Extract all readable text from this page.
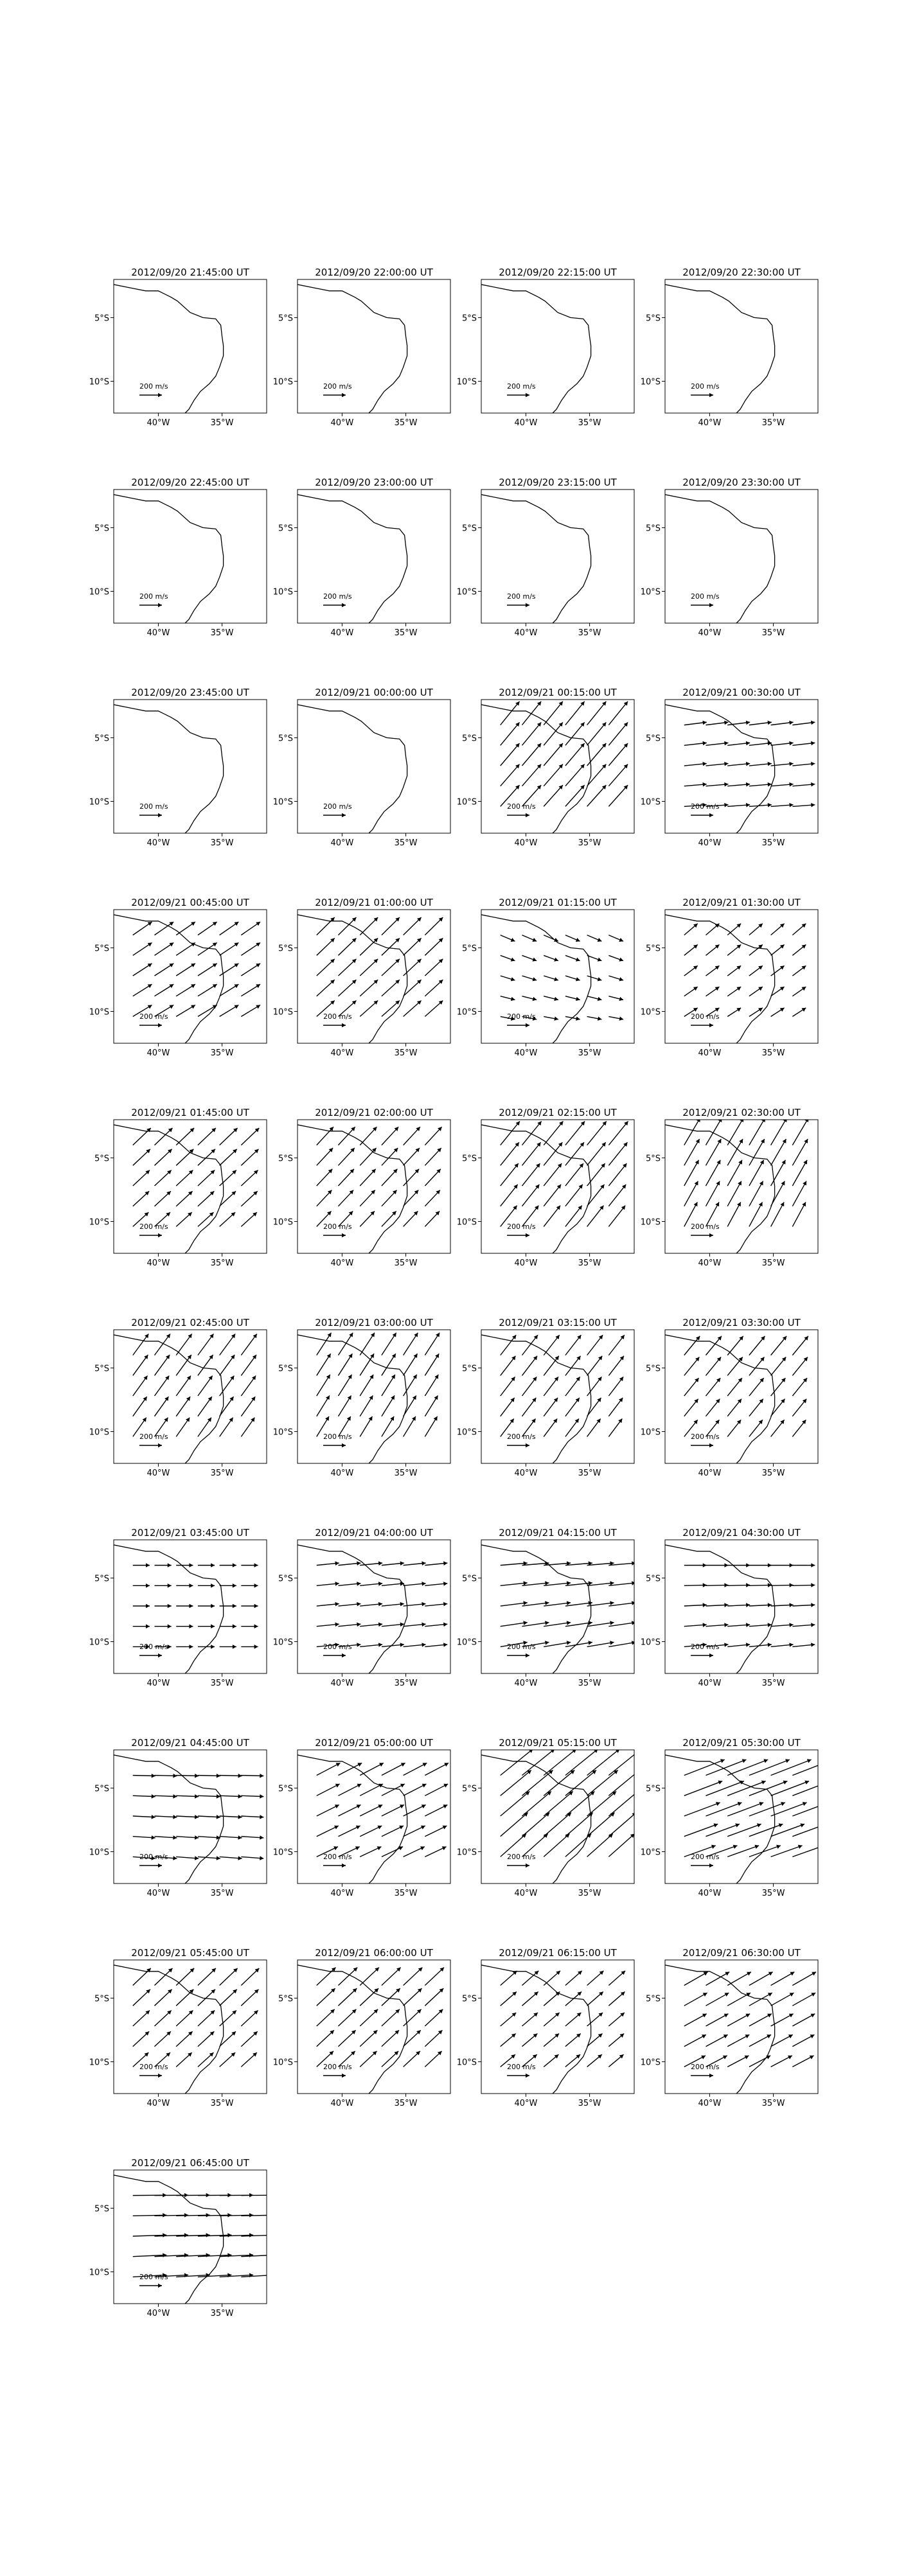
2012/09/20 21:45:00 UT
200 m/s
40°W	35°W
5°S
10°S
2012/09/20 22:00:00 UT
200 m/s
40°W	35°W
5°S
10°S
2012/09/20 22:15:00 UT
200 m/s
40°W	35°W
5°S
10°S
2012/09/20 22:30:00 UT
200 m/s
40°W	35°W
5°S
10°S
2012/09/20 22:45:00 UT
200 m/s
40°W	35°W
5°S
10°S
2012/09/20 23:00:00 UT
200 m/s
40°W	35°W
5°S
10°S
2012/09/20 23:15:00 UT
200 m/s
40°W	35°W
5°S
10°S
2012/09/20 23:30:00 UT
200 m/s
40°W	35°W
5°S
10°S
2012/09/20 23:45:00 UT
200 m/s
40°W	35°W
5°S
10°S
2012/09/21 00:00:00 UT
200 m/s
40°W	35°W
5°S
10°S
2012/09/21 00:15:00 UT
200 m/s
40°W	35°W
5°S
10°S
2012/09/21 00:30:00 UT
200 m/s
40°W	35°W
5°S
10°S
2012/09/21 00:45:00 UT
200 m/s
40°W	35°W
5°S
10°S
2012/09/21 01:00:00 UT
200 m/s
40°W	35°W
5°S
10°S
2012/09/21 01:15:00 UT
200 m/s
40°W	35°W
5°S
10°S
2012/09/21 01:30:00 UT
200 m/s
40°W	35°W
5°S
10°S
2012/09/21 01:45:00 UT
200 m/s
40°W	35°W
5°S
10°S
2012/09/21 02:00:00 UT
200 m/s
40°W	35°W
5°S
10°S
2012/09/21 02:15:00 UT
200 m/s
40°W	35°W
5°S
10°S
2012/09/21 02:30:00 UT
200 m/s
40°W	35°W
5°S
10°S
2012/09/21 02:45:00 UT
200 m/s
40°W	35°W
5°S
10°S
2012/09/21 03:00:00 UT
200 m/s
40°W	35°W
5°S
10°S
2012/09/21 03:15:00 UT
200 m/s
40°W	35°W
5°S
10°S
2012/09/21 03:30:00 UT
200 m/s
40°W	35°W
5°S
10°S
2012/09/21 03:45:00 UT
200 m/s
40°W	35°W
5°S
10°S
2012/09/21 04:00:00 UT
200 m/s
40°W	35°W
5°S
10°S
2012/09/21 04:15:00 UT
200 m/s
40°W	35°W
5°S
10°S
2012/09/21 04:30:00 UT
200 m/s
40°W	35°W
5°S
10°S
2012/09/21 04:45:00 UT
200 m/s
40°W	35°W
5°S
10°S
2012/09/21 05:00:00 UT
200 m/s
40°W	35°W
5°S
10°S
2012/09/21 05:15:00 UT
200 m/s
40°W	35°W
5°S
10°S
2012/09/21 05:30:00 UT
200 m/s
40°W	35°W
5°S
10°S
2012/09/21 05:45:00 UT
200 m/s
40°W	35°W
5°S
10°S
2012/09/21 06:00:00 UT
200 m/s
40°W	35°W
5°S
10°S
2012/09/21 06:15:00 UT
200 m/s
40°W	35°W
5°S
10°S
2012/09/21 06:30:00 UT
200 m/s
40°W	35°W
5°S
10°S
2012/09/21 06:45:00 UT
200 m/s
40°W	35°W
5°S
10°S
